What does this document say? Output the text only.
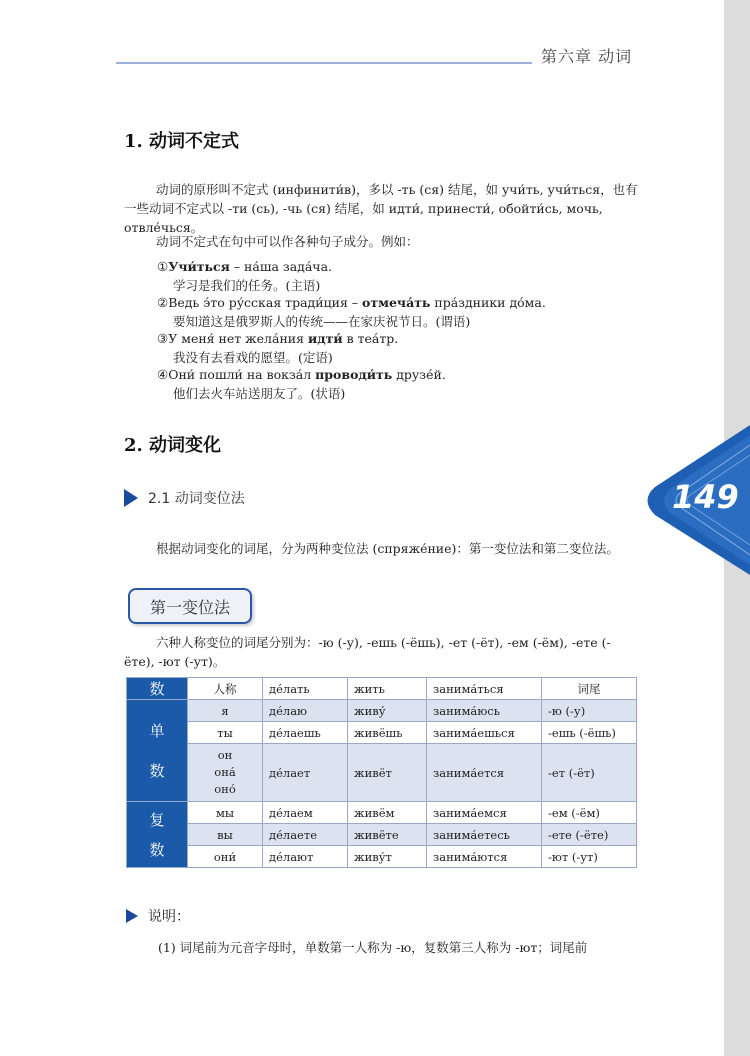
第六章 动词
149
1. 动词不定式
动词的原形叫不定式 (инфинити́в)，多以 -ть (ся) 结尾，如 учи́ть, учи́ться，也有一些动词不定式以 -ти (сь), -чь (ся) 结尾，如 идти́, принести́, обойти́сь, мочь, отвле́чься。
动词不定式在句中可以作各种句子成分。例如：
①Учи́ться – на́ша зада́ча.
学习是我们的任务。(主语)
②Ведь э́то ру́сская тради́ция – отмеча́ть пра́здники до́ма.
要知道这是俄罗斯人的传统——在家庆祝节日。(谓语)
③У меня́ нет жела́ния идти́ в теа́тр.
我没有去看戏的愿望。(定语)
④Они́ пошли́ на вокза́л проводи́ть друзе́й.
他们去火车站送朋友了。(状语)
2. 动词变化
2.1 动词变位法
根据动词变化的词尾，分为两种变位法 (спряже́ние)：第一变位法和第二变位法。
第一变位法
六种人称变位的词尾分别为：-ю (-у), -ешь (-ёшь), -ет (-ёт), -ем (-ём), -ете (-ёте), -ют (-ут)。
数	人称	де́лать	жить	занима́ться	词尾

单
数	я	де́лаю	живу́	занима́юсь	-ю (-у)
	ты	де́лаешь	живёшь	занима́ешься	-ешь (-ёшь)
	он
она́
оно́	де́лает	живёт	занима́ется	-ет (-ёт)

复
数	мы	де́лаем	живём	занима́емся	-ем (-ём)
	вы	де́лаете	живёте	занима́етесь	-ете (-ёте)
	они́	де́лают	живу́т	занима́ются	-ют (-ут)
说明：
(1) 词尾前为元音字母时，单数第一人称为 -ю，复数第三人称为 -ют；词尾前
